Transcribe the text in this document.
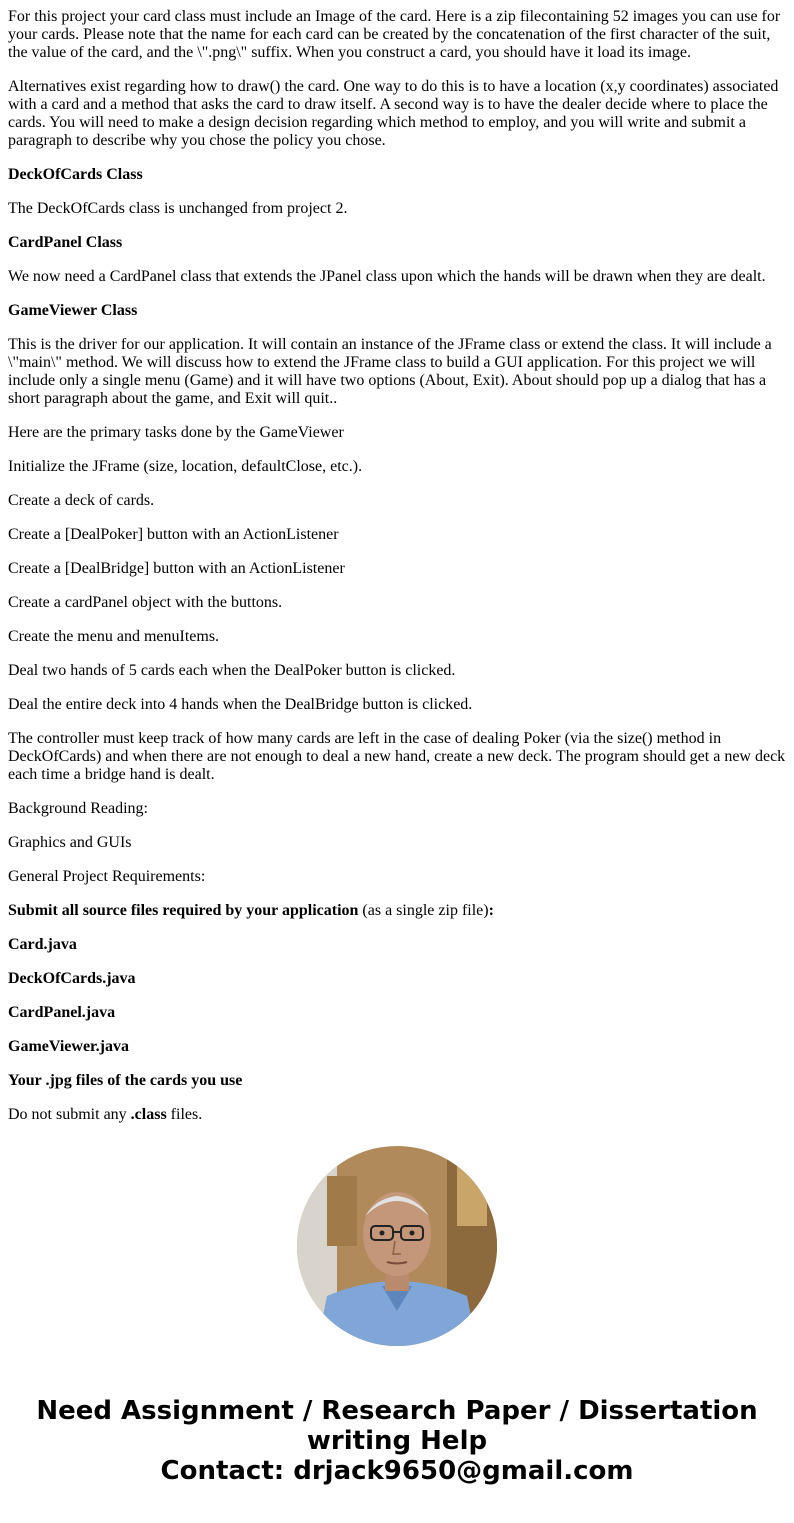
For this project your card class must include an Image of the card. Here is a zip filecontaining 52 images you can use for your cards. Please note that the name for each card can be created by the concatenation of the first character of the suit, the value of the card, and the \".png\" suffix. When you construct a card, you should have it load its image.

Alternatives exist regarding how to draw() the card. One way to do this is to have a location (x,y coordinates) associated with a card and a method that asks the card to draw itself. A second way is to have the dealer decide where to place the cards. You will need to make a design decision regarding which method to employ, and you will write and submit a paragraph to describe why you chose the policy you chose.

DeckOfCards Class

The DeckOfCards class is unchanged from project 2.

CardPanel Class

We now need a CardPanel class that extends the JPanel class upon which the hands will be drawn when they are dealt.

GameViewer Class

This is the driver for our application. It will contain an instance of the JFrame class or extend the class. It will include a \"main\" method. We will discuss how to extend the JFrame class to build a GUI application. For this project we will include only a single menu (Game) and it will have two options (About, Exit). About should pop up a dialog that has a short paragraph about the game, and Exit will quit..

Here are the primary tasks done by the GameViewer

Initialize the JFrame (size, location, defaultClose, etc.).

Create a deck of cards.

Create a [DealPoker] button with an ActionListener

Create a [DealBridge] button with an ActionListener

Create a cardPanel object with the buttons.

Create the menu and menuItems.

Deal two hands of 5 cards each when the DealPoker button is clicked.

Deal the entire deck into 4 hands when the DealBridge button is clicked.

The controller must keep track of how many cards are left in the case of dealing Poker (via the size() method in DeckOfCards) and when there are not enough to deal a new hand, create a new deck. The program should get a new deck each time a bridge hand is dealt.

Background Reading:

Graphics and GUIs

General Project Requirements:

Submit all source files required by your application (as a single zip file):

Card.java

DeckOfCards.java

CardPanel.java

GameViewer.java

Your .jpg files of the cards you use

Do not submit any .class files.

Need Assignment / Research Paper / Dissertation writing Help
Contact: drjack9650@gmail.com
